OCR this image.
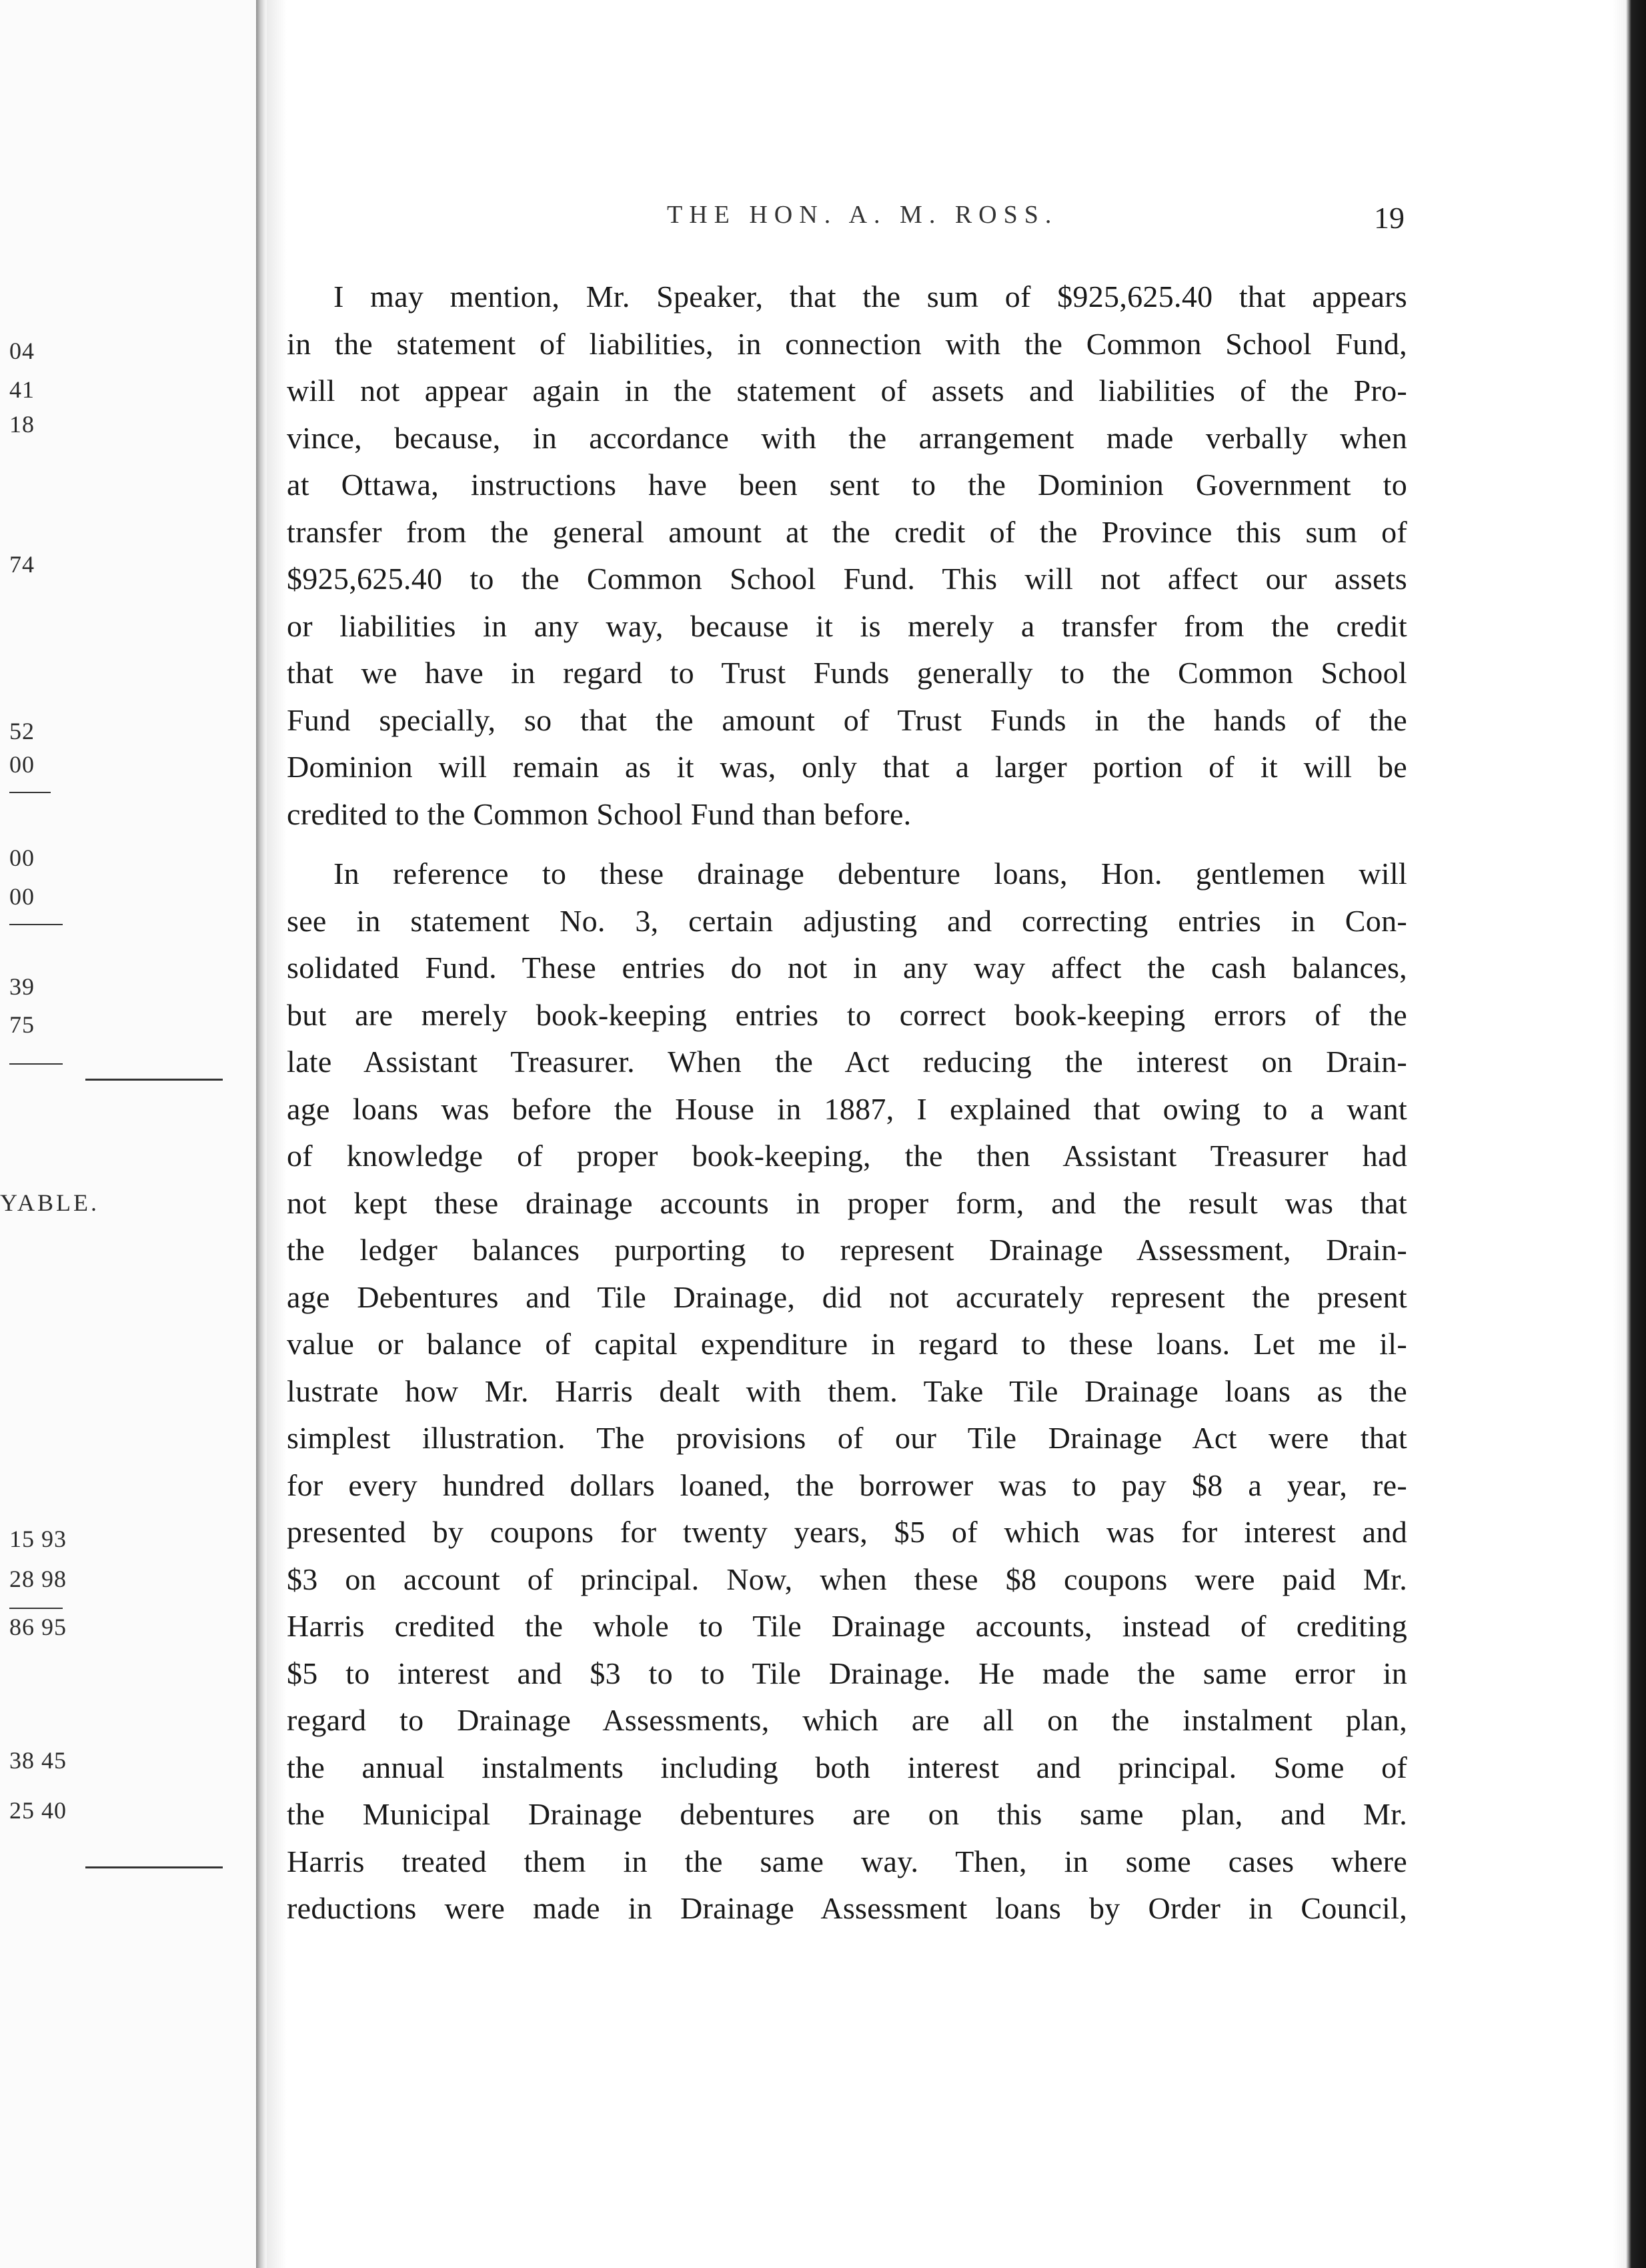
04
41
18
74
52
00
00
00
39
75
YABLE.
15 93
28 98
86 95
38 45
25 40
THE HON. A. M. ROSS.	19
I may mention, Mr. Speaker, that the sum of $925,625.40 that appears
in the statement of liabilities, in connection with the Common School Fund,
will not appear again in the statement of assets and liabilities of the Pro-
vince, because, in accordance with the arrangement made verbally when
at Ottawa, instructions have been sent to the Dominion Government to
transfer from the general amount at the credit of the Province this sum of
$925,625.40 to the Common School Fund. This will not affect our assets
or liabilities in any way, because it is merely a transfer from the credit
that we have in regard to Trust Funds generally to the Common School
Fund specially, so that the amount of Trust Funds in the hands of the
Dominion will remain as it was, only that a larger portion of it will be
credited to the Common School Fund than before.
In reference to these drainage debenture loans, Hon. gentlemen will
see in statement No. 3, certain adjusting and correcting entries in Con-
solidated Fund. These entries do not in any way affect the cash balances,
but are merely book-keeping entries to correct book-keeping errors of the
late Assistant Treasurer. When the Act reducing the interest on Drain-
age loans was before the House in 1887, I explained that owing to a want
of knowledge of proper book-keeping, the then Assistant Treasurer had
not kept these drainage accounts in proper form, and the result was that
the ledger balances purporting to represent Drainage Assessment, Drain-
age Debentures and Tile Drainage, did not accurately represent the present
value or balance of capital expenditure in regard to these loans. Let me il-
lustrate how Mr. Harris dealt with them. Take Tile Drainage loans as the
simplest illustration. The provisions of our Tile Drainage Act were that
for every hundred dollars loaned, the borrower was to pay $8 a year, re-
presented by coupons for twenty years, $5 of which was for interest and
$3 on account of principal. Now, when these $8 coupons were paid Mr.
Harris credited the whole to Tile Drainage accounts, instead of crediting
$5 to interest and $3 to to Tile Drainage. He made the same error in
regard to Drainage Assessments, which are all on the instalment plan,
the annual instalments including both interest and principal. Some of
the Municipal Drainage debentures are on this same plan, and Mr.
Harris treated them in the same way. Then, in some cases where
reductions were made in Drainage Assessment loans by Order in Council,
